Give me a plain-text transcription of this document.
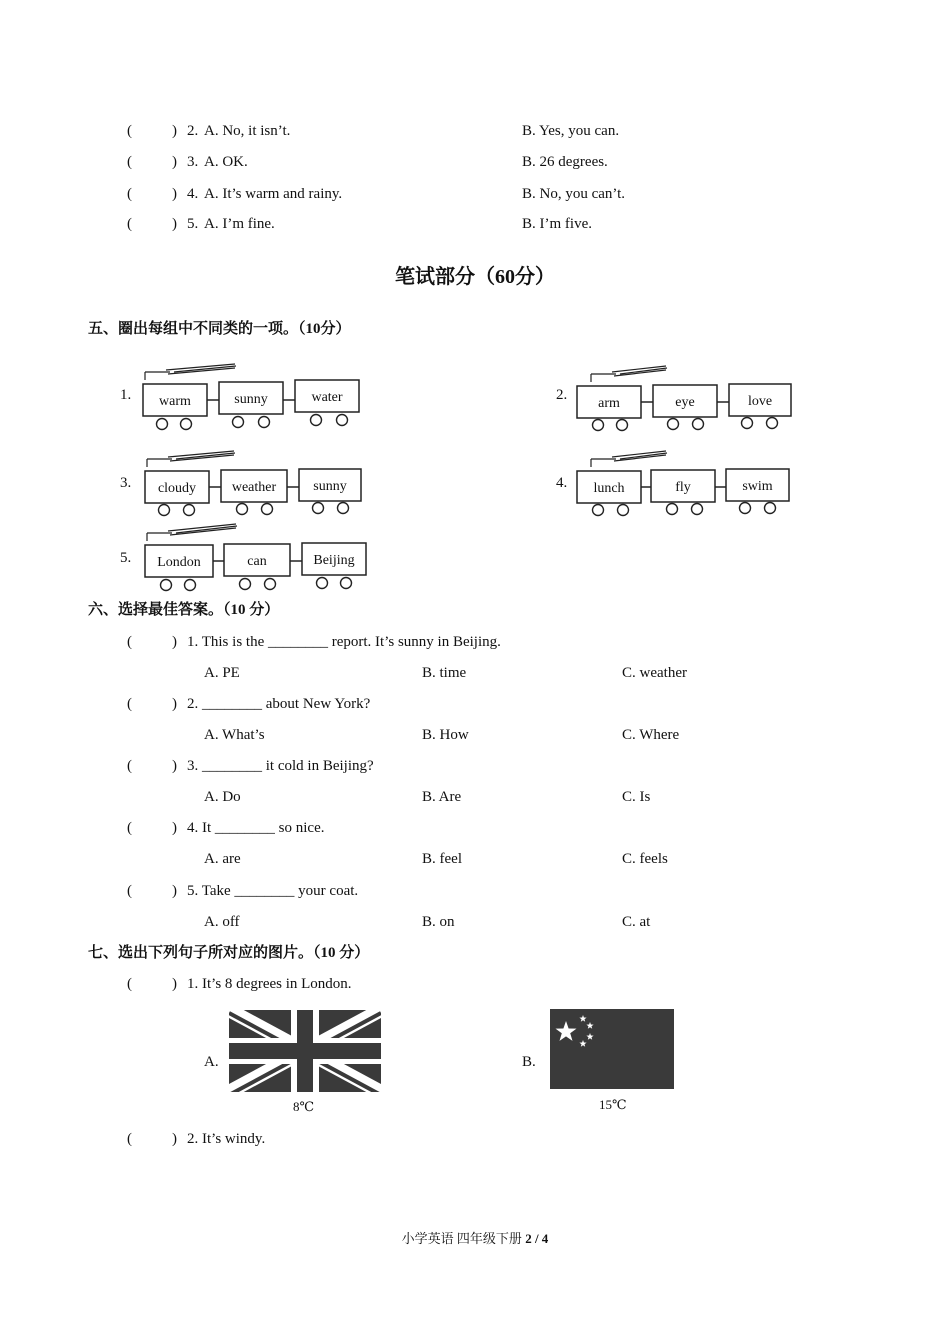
(	) 2. A. No, it isn’t.	B. Yes, you can.
(	) 3. A. OK.	B. 26 degrees.
(	) 4. A. It’s warm and rainy.	B. No, you can’t.
(	) 5. A. I’m fine.	B. I’m five.
笔试部分（60分）
五、圈出每组中不同类的一项。（10分）
1.	warm	sunny	water	2.
arm	eye	love
3.	cloudy	weather	sunny	4.	lunch	fly	swim
5.	London	can	Beijing
六、选择最佳答案。（10 分）
(	) 1. This is the ________ report. It’s sunny in Beijing.
A. PE	B. time	C. weather
(	) 2. ________ about New York?
A. What’s	B. How	C. Where
(	) 3. ________ it cold in Beijing?
A. Do	B. Are	C. Is
(	) 4. It ________ so nice.
A. are	B. feel	C. feels
(	) 5. Take ________ your coat.
A. off	B. on	C. at
七、选出下列句子所对应的图片。（10 分）
(	) 1. It’s 8 degrees in London.
A.
8℃
B.
15℃
(	) 2. It’s windy.
小学英语 四年级下册 2 / 4
